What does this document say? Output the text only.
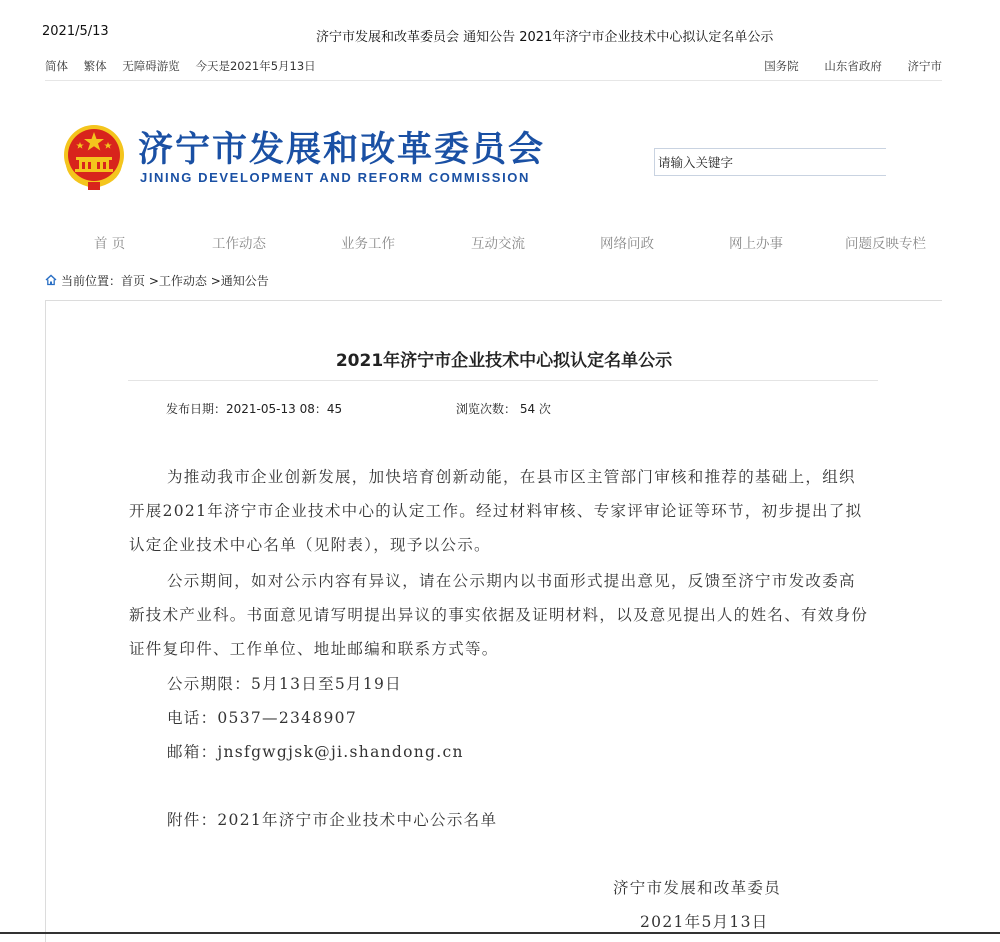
2021/5/13	济宁市发展和改革委员会 通知公告 2021年济宁市企业技术中心拟认定名单公示
简体 繁体 无障碍游览 今天是2021年5月13日	国务院 山东省政府 济宁市
济宁市发展和改革委员会
JINING DEVELOPMENT AND REFORM COMMISSION
请输入关键字
首 页	工作动态	业务工作	互动交流	网络问政	网上办事	问题反映专栏
当前位置：首页 >工作动态 >通知公告
2021年济宁市企业技术中心拟认定名单公示
发布日期：2021-05-13 08：45	浏览次数： 54 次
为推动我市企业创新发展，加快培育创新动能，在县市区主管部门审核和推荐的基础上，组织开展2021年济宁市企业技术中心的认定工作。经过材料审核、专家评审论证等环节，初步提出了拟认定企业技术中心名单（见附表），现予以公示。
公示期间，如对公示内容有异议，请在公示期内以书面形式提出意见，反馈至济宁市发改委高新技术产业科。书面意见请写明提出异议的事实依据及证明材料，以及意见提出人的姓名、有效身份证件复印件、工作单位、地址邮编和联系方式等。
公示期限：5月13日至5月19日
电话：0537—2348907
邮箱：jnsfgwgjsk@ji.shandong.cn
附件：2021年济宁市企业技术中心公示名单
济宁市发展和改革委员
2021年5月13日
